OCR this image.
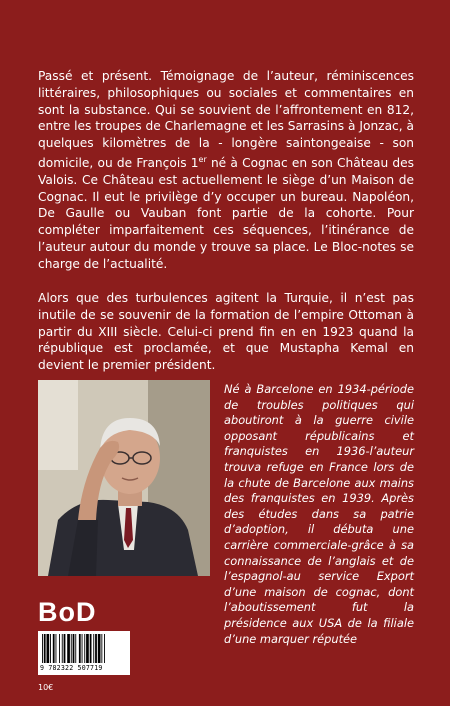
Passé et présent. Témoignage de l’auteur, réminiscences littéraires, philosophiques ou sociales et commentaires en sont la substance. Qui se souvient de l’affrontement en 812, entre les troupes de Charlemagne et les Sarrasins à Jonzac, à quelques kilomètres de la - longère saintongeaise - son domicile, ou de François 1er né à Cognac en son Château des Valois. Ce Château est actuellement le siège d’un Maison de Cognac. Il eut le privilège d’y occuper un bureau. Napoléon, De Gaulle ou Vauban font partie de la cohorte. Pour compléter imparfaitement ces séquences, l’itinérance de l’auteur autour du monde y trouve sa place. Le Bloc-notes se charge de l’actualité.

Alors que des turbulences agitent la Turquie, il n’est pas inutile de se souvenir de la formation de l’empire Ottoman à partir du XIII siècle. Celui-ci prend fin en en 1923 quand la république est proclamée, et que Mustapha Kemal en devient le premier président.

Né à Barcelone en 1934-période de troubles politiques qui aboutiront à la guerre civile opposant républicains et franquistes en 1936-l’auteur trouva refuge en France lors de la chute de Barcelone aux mains des franquistes en 1939. Après des études dans sa patrie d’adoption, il débuta une carrière commerciale-grâce à sa connaissance de l’anglais et de l’espagnol-au service Export d’une maison de cognac, dont l’aboutissement fut la présidence aux USA de la filiale d’une marquer réputée

BoD
9 782322 507719
10€
